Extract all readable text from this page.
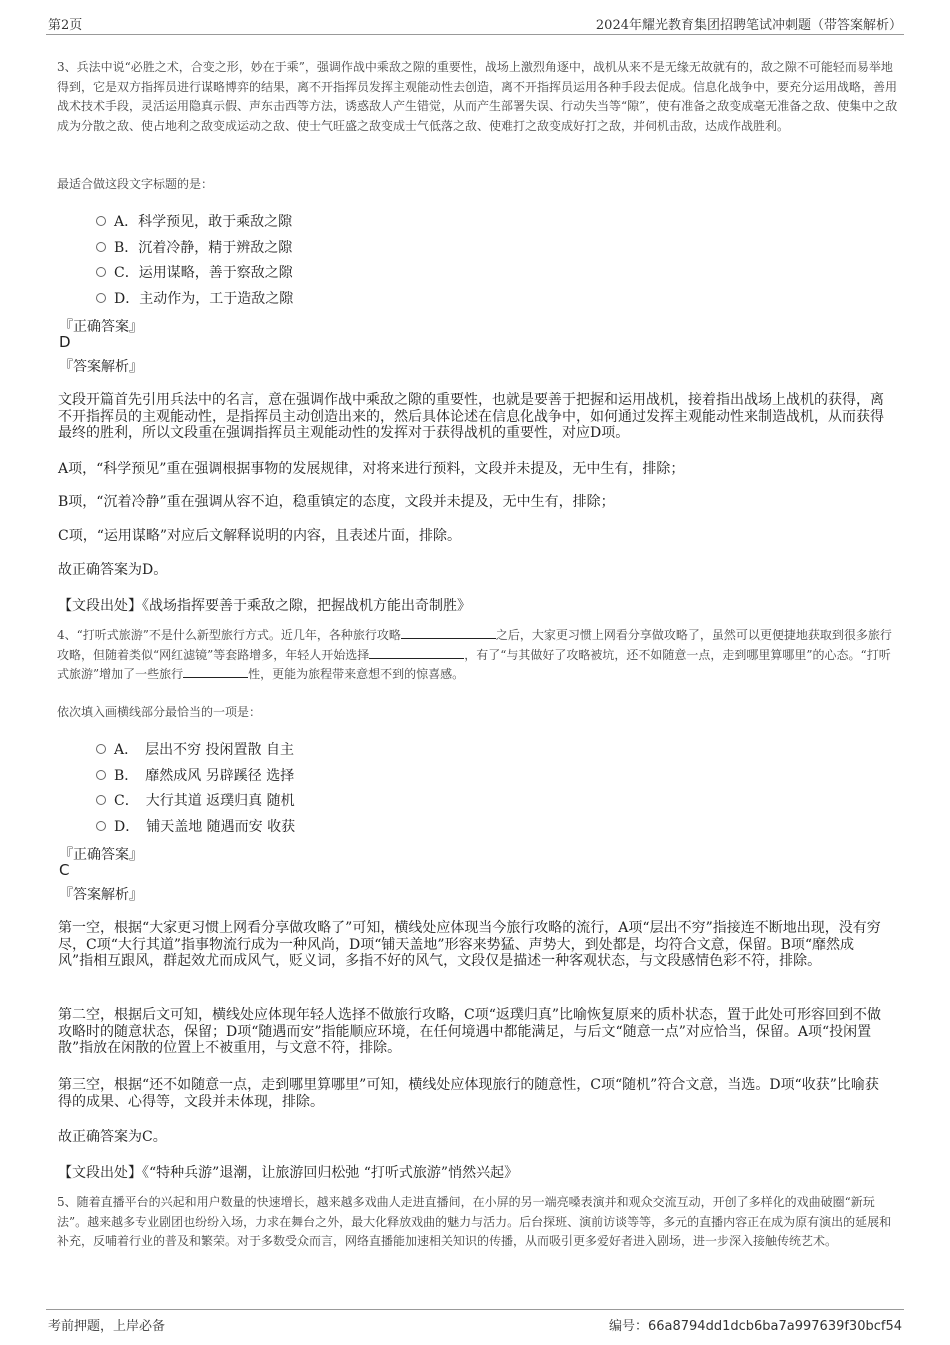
第2页	2024年耀光教育集团招聘笔试冲刺题（带答案解析）
3、兵法中说“必胜之术，合变之形，妙在于乘”，强调作战中乘敌之隙的重要性，战场上激烈角逐中，战机从来不是无缘无故就有的，敌之隙不可能轻而易举地得到，它是双方指挥员进行谋略博弈的结果，离不开指挥员发挥主观能动性去创造，离不开指挥员运用各种手段去促成。信息化战争中，要充分运用战略，善用战术技术手段，灵活运用隐真示假、声东击西等方法，诱惑敌人产生错觉，从而产生部署失误、行动失当等“隙”，使有准备之敌变成毫无准备之敌、使集中之敌成为分散之敌、使占地利之敌变成运动之敌、使士气旺盛之敌变成士气低落之敌、使难打之敌变成好打之敌，并伺机击敌，达成作战胜利。
最适合做这段文字标题的是：
A．科学预见，敢于乘敌之隙
B．沉着冷静，精于辨敌之隙
C．运用谋略，善于察敌之隙
D．主动作为，工于造敌之隙
『正确答案』
D
『答案解析』
文段开篇首先引用兵法中的名言，意在强调作战中乘敌之隙的重要性，也就是要善于把握和运用战机，接着指出战场上战机的获得，离不开指挥员的主观能动性，是指挥员主动创造出来的，然后具体论述在信息化战争中，如何通过发挥主观能动性来制造战机，从而获得最终的胜利，所以文段重在强调指挥员主观能动性的发挥对于获得战机的重要性，对应D项。
A项，“科学预见”重在强调根据事物的发展规律，对将来进行预料，文段并未提及，无中生有，排除；
B项，“沉着冷静”重在强调从容不迫，稳重镇定的态度，文段并未提及，无中生有，排除；
C项，“运用谋略”对应后文解释说明的内容，且表述片面，排除。
故正确答案为D。
【文段出处】《战场指挥要善于乘敌之隙，把握战机方能出奇制胜》
4、“打听式旅游”不是什么新型旅行方式。近几年，各种旅行攻略	之后，大家更习惯上网看分享做攻略了，虽然可以更便捷地获取到很多旅行攻略，但随着类似“网红滤镜”等套路增多，年轻人开始选择	，有了“与其做好了攻略被坑，还不如随意一点，走到哪里算哪里”的心态。“打听式旅游”增加了一些旅行	性，更能为旅程带来意想不到的惊喜感。
依次填入画横线部分最恰当的一项是：
A．　层出不穷 投闲置散 自主
B．　靡然成风 另辟蹊径 选择
C．　大行其道 返璞归真 随机
D．　铺天盖地 随遇而安 收获
『正确答案』
C
『答案解析』
第一空，根据“大家更习惯上网看分享做攻略了”可知，横线处应体现当今旅行攻略的流行，A项“层出不穷”指接连不断地出现，没有穷尽，C项“大行其道”指事物流行成为一种风尚，D项“铺天盖地”形容来势猛、声势大，到处都是，均符合文意，保留。B项“靡然成风”指相互跟风，群起效尤而成风气，贬义词，多指不好的风气，文段仅是描述一种客观状态，与文段感情色彩不符，排除。
第二空，根据后文可知，横线处应体现年轻人选择不做旅行攻略，C项“返璞归真”比喻恢复原来的质朴状态，置于此处可形容回到不做攻略时的随意状态，保留；D项“随遇而安”指能顺应环境，在任何境遇中都能满足，与后文“随意一点”对应恰当，保留。A项“投闲置散”指放在闲散的位置上不被重用，与文意不符，排除。
第三空，根据“还不如随意一点，走到哪里算哪里”可知，横线处应体现旅行的随意性，C项“随机”符合文意，当选。D项“收获”比喻获得的成果、心得等，文段并未体现，排除。
故正确答案为C。
【文段出处】《“特种兵游”退潮，让旅游回归松弛 “打听式旅游”悄然兴起》
5、随着直播平台的兴起和用户数量的快速增长，越来越多戏曲人走进直播间，在小屏的另一端亮嗓表演并和观众交流互动，开创了多样化的戏曲破圈“新玩法”。越来越多专业剧团也纷纷入场，力求在舞台之外，最大化释放戏曲的魅力与活力。后台探班、演前访谈等等，多元的直播内容正在成为原有演出的延展和补充，反哺着行业的普及和繁荣。对于多数受众而言，网络直播能加速相关知识的传播，从而吸引更多爱好者进入剧场，进一步深入接触传统艺术。
考前押题，上岸必备	编号：66a8794dd1dcb6ba7a997639f30bcf54
